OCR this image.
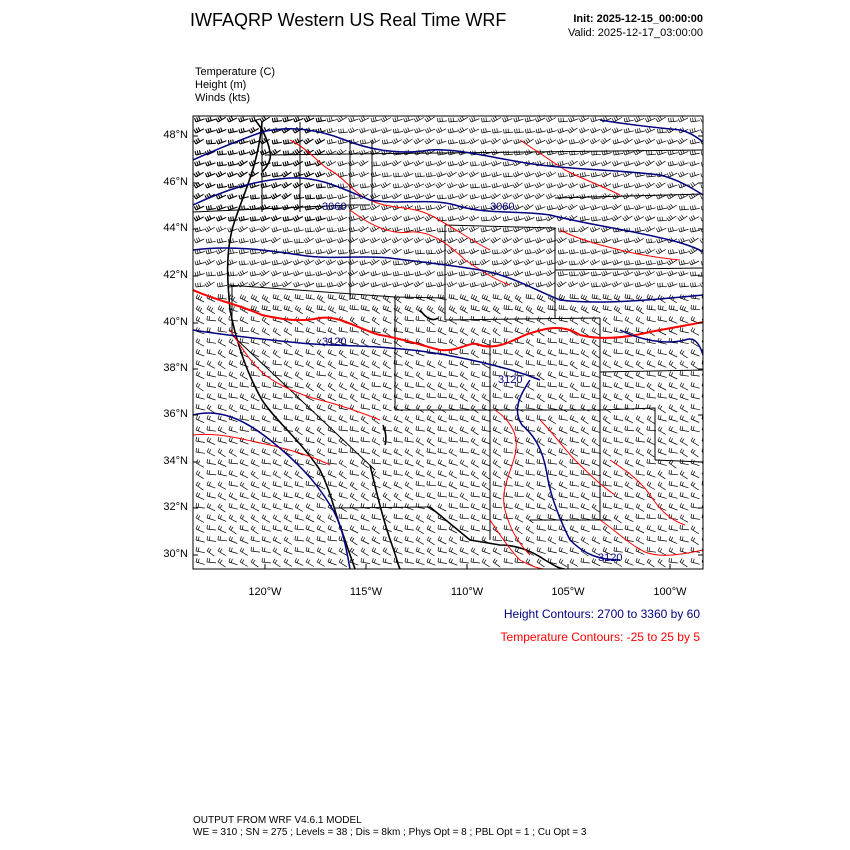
IWFAQRP Western US Real Time WRF	Init: 2025-12-15_00:00:00
Valid: 2025-12-17_03:00:00
Temperature (C)
Height (m)
Winds (kts)
3060	3060
3120
3120
3120
48°N
46°N
44°N
42°N
40°N
38°N
36°N
34°N
32°N
30°N
120°W	115°W	110°W	105°W	100°W
Height Contours: 2700 to 3360 by 60
Temperature Contours: -25 to 25 by 5
OUTPUT FROM WRF V4.6.1 MODEL
WE = 310 ; SN = 275 ; Levels = 38 ; Dis = 8km ; Phys Opt = 8 ; PBL Opt = 1 ; Cu Opt = 3
